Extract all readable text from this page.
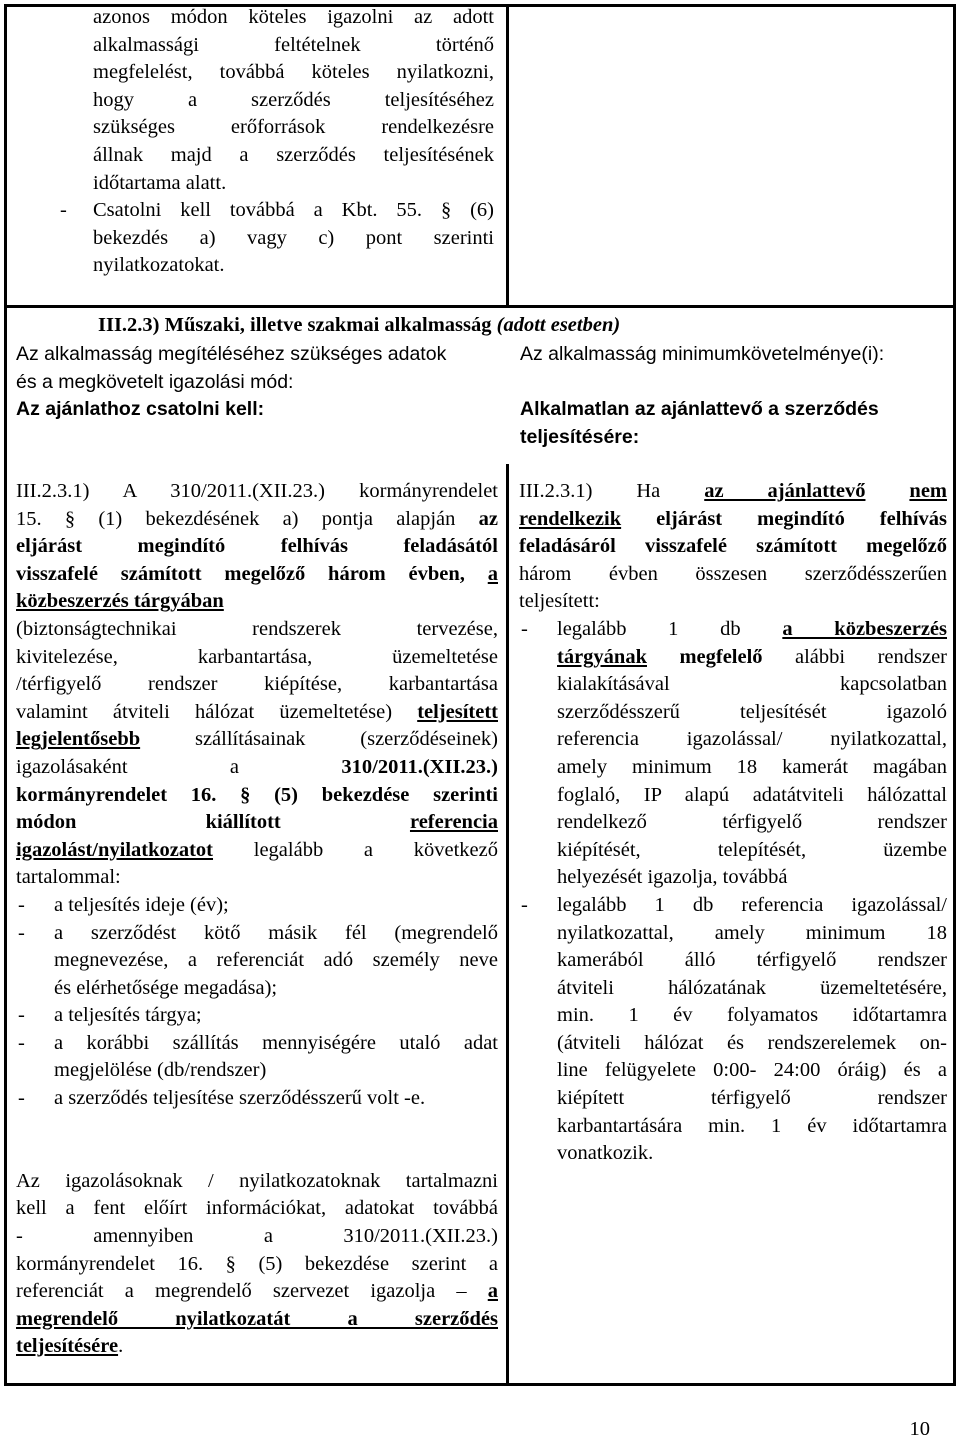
azonos módon köteles igazolni az adott

alkalmassági feltételnek történő

megfelelést, továbbá köteles nyilatkozni,

hogy a szerződés teljesítéséhez

szükséges erőforrások rendelkezésre

állnak majd a szerződés teljesítésének

időtartama alatt.

- Csatolni kell továbbá a Kbt. 55. § (6)

bekezdés a) vagy c) pont szerinti

nyilatkozatokat.

III.2.3) Műszaki, illetve szakmai alkalmasság (adott esetben)

Az alkalmasság megítéléséhez szükséges adatok

és a megkövetelt igazolási mód:

Az ajánlathoz csatolni kell:

Az alkalmasság minimumkövetelménye(i):

Alkalmatlan az ajánlattevő a szerződés

teljesítésére:

III.2.3.1) A 310/2011.(XII.23.) kormányrendelet

15. § (1) bekezdésének a) pontja alapján az

eljárást megindító felhívás feladásától

visszafelé számított megelőző három évben, a

közbeszerzés tárgyában

(biztonságtechnikai rendszerek tervezése,

kivitelezése, karbantartása, üzemeltetése

/térfigyelő rendszer kiépítése, karbantartása

valamint átviteli hálózat üzemeltetése) teljesített

legjelentősebb szállításainak (szerződéseinek)

igazolásaként a 310/2011.(XII.23.)

kormányrendelet 16. § (5) bekezdése szerinti

módon kiállított referencia

igazolást/nyilatkozatot legalább a következő

tartalommal:

- a teljesítés ideje (év);

- a szerződést kötő másik fél (megrendelő

megnevezése, a referenciát adó személy neve

és elérhetősége megadása);

- a teljesítés tárgya;

- a korábbi szállítás mennyiségére utaló adat

megjelölése (db/rendszer)

- a szerződés teljesítése szerződésszerű volt -e.

Az igazolásoknak / nyilatkozatoknak tartalmazni

kell a fent előírt információkat, adatokat továbbá

- amennyiben a 310/2011.(XII.23.)

kormányrendelet 16. § (5) bekezdése szerint a

referenciát a megrendelő szervezet igazolja – a

megrendelő nyilatkozatát a szerződés

teljesítésére.

III.2.3.1) Ha az ajánlattevő nem

rendelkezik eljárást megindító felhívás

feladásáról visszafelé számított megelőző

három évben összesen szerződésszerűen

teljesített:

- legalább 1 db a közbeszerzés

tárgyának megfelelő alábbi rendszer

kialakításával kapcsolatban

szerződésszerű teljesítését igazoló

referencia igazolással/ nyilatkozattal,

amely minimum 18 kamerát magában

foglaló, IP alapú adatátviteli hálózattal

rendelkező térfigyelő rendszer

kiépítését, telepítését, üzembe

helyezését igazolja, továbbá

- legalább 1 db referencia igazolással/

nyilatkozattal, amely minimum 18

kamerából álló térfigyelő rendszer

átviteli hálózatának üzemeltetésére,

min. 1 év folyamatos időtartamra

(átviteli hálózat és rendszerelemek on-

line felügyelete 0:00- 24:00 óráig) és a

kiépített térfigyelő rendszer

karbantartására min. 1 év időtartamra

vonatkozik.

10
